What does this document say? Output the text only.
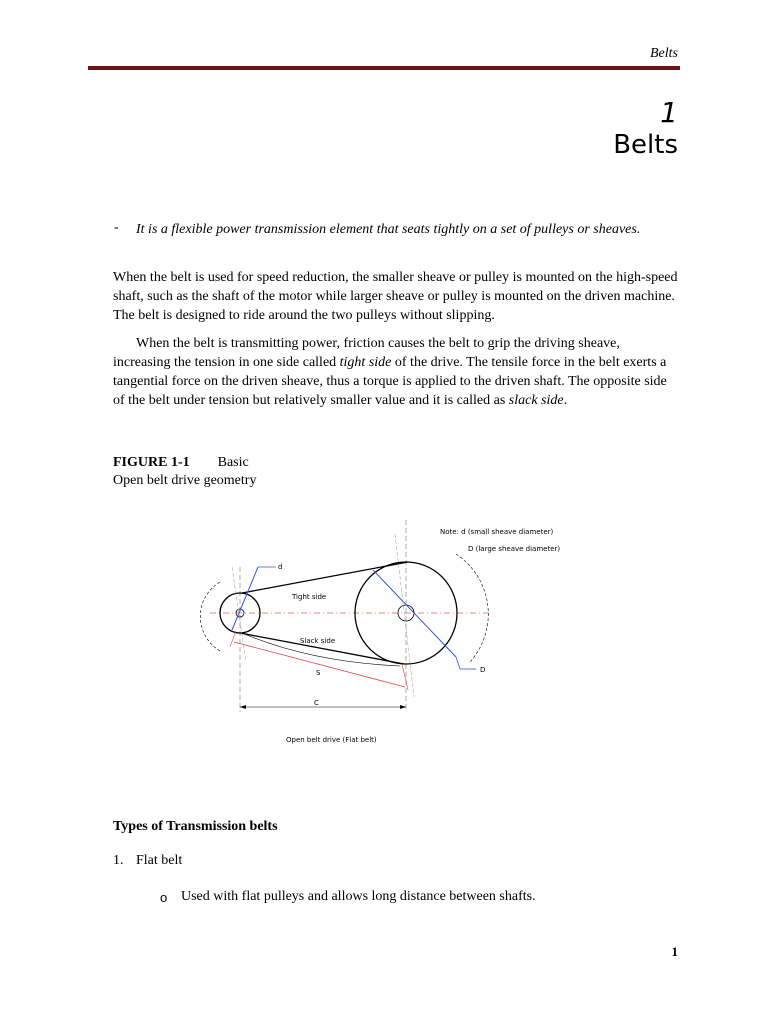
Belts
1
Belts
- It is a flexible power transmission element that seats tightly on a set of pulleys or sheaves.
When the belt is used for speed reduction, the smaller sheave or pulley is mounted on the high-speed shaft, such as the shaft of the motor while larger sheave or pulley is mounted on the driven machine. The belt is designed to ride around the two pulleys without slipping.
When the belt is transmitting power, friction causes the belt to grip the driving sheave, increasing the tension in one side called tight side of the drive. The tensile force in the belt exerts a tangential force on the driven sheave, thus a torque is applied to the driven shaft. The opposite side of the belt under tension but relatively smaller value and it is called as slack side.
FIGURE 1-1 Basic
Open belt drive geometry
Note: d (small sheave diameter)
D (large sheave diameter)
d
Tight side
Slack side
S	D
C
Open belt drive (Flat belt)
Types of Transmission belts
1. Flat belt
o Used with flat pulleys and allows long distance between shafts.
1
